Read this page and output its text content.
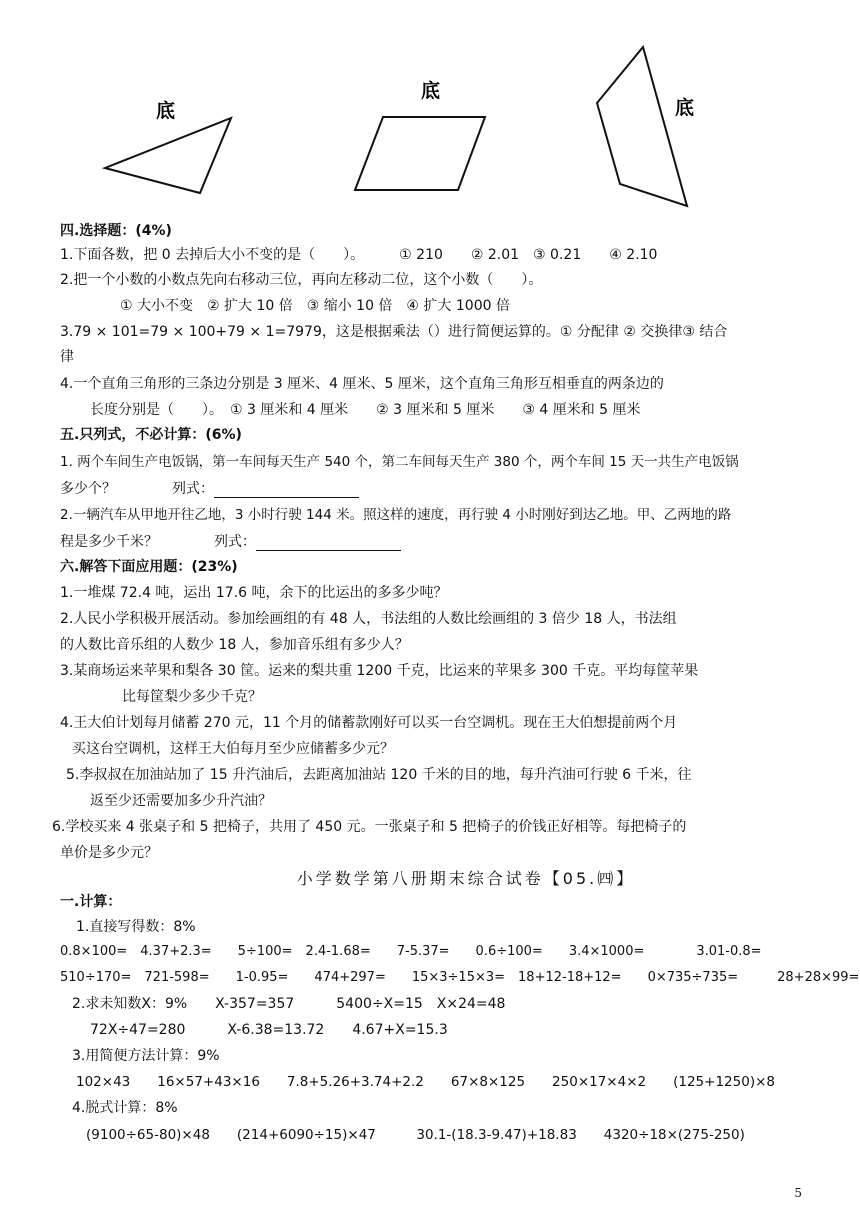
底
底
底
四.选择题：(4%)
1.下面各数，把 0 去掉后大小不变的是（　　）。　　　① 210　　② 2.01　③ 0.21　　④ 2.10
2.把一个小数的小数点先向右移动三位，再向左移动二位，这个小数（　　）。
① 大小不变　② 扩大 10 倍　③ 缩小 10 倍　④ 扩大 1000 倍
3.79 × 101=79 × 100+79 × 1=7979，这是根据乘法（）进行简便运算的。① 分配律 ② 交换律③ 结合
律
4.一个直角三角形的三条边分别是 3 厘米、4 厘米、5 厘米，这个直角三角形互相垂直的两条边的
长度分别是（　　）。　① 3 厘米和 4 厘米　　② 3 厘米和 5 厘米　　③ 4 厘米和 5 厘米
五.只列式，不必计算：(6%)
1. 两个车间生产电饭锅，第一车间每天生产 540 个，第二车间每天生产 380 个，两个车间 15 天一共生产电饭锅
多少个？　　　　列式：
2.一辆汽车从甲地开往乙地，3 小时行驶 144 米。照这样的速度，再行驶 4 小时刚好到达乙地。甲、乙两地的路
程是多少千米？　　　　列式：
六.解答下面应用题：(23%)
1.一堆煤 72.4 吨，运出 17.6 吨，余下的比运出的多多少吨？
2.人民小学积极开展活动。参加绘画组的有 48 人，书法组的人数比绘画组的 3 倍少 18 人，书法组
的人数比音乐组的人数少 18 人，参加音乐组有多少人？
3.某商场运来苹果和梨各 30 筐。运来的梨共重 1200 千克，比运来的苹果多 300 千克。平均每筐苹果
比每筐梨少多少千克？
4.王大伯计划每月储蓄 270 元，11 个月的储蓄款刚好可以买一台空调机。现在王大伯想提前两个月
买这台空调机，这样王大伯每月至少应储蓄多少元？
5.李叔叔在加油站加了 15 升汽油后，去距离加油站 120 千米的目的地，每升汽油可行驶 6 千米，往
返至少还需要加多少升汽油？
6.学校买来 4 张桌子和 5 把椅子，共用了 450 元。一张桌子和 5 把椅子的价钱正好相等。每把椅子的
单价是多少元？
小学数学第八册期末综合试卷【05.㈣】
一.计算：
1.直接写得数：8%
0.8×100=　4.37+2.3=　　5÷100=　2.4-1.68=　　7-5.37=　　0.6÷100=　　3.4×1000=　　　　3.01-0.8=
510÷170=　721-598=　　1-0.95=　　474+297=　　15×3÷15×3=　18+12-18+12=　　0×735÷735=　　　28+28×99=
2.求未知数X：9%　　X-357=357　　　5400÷X=15　X×24=48
72X÷47=280　　　X-6.38=13.72　　4.67+X=15.3
3.用简便方法计算：9%
102×43　　16×57+43×16　　7.8+5.26+3.74+2.2　　67×8×125　　250×17×4×2　　(125+1250)×8
4.脱式计算：8%
(9100÷65-80)×48　　(214+6090÷15)×47　　　30.1-(18.3-9.47)+18.83　　4320÷18×(275-250)
5
